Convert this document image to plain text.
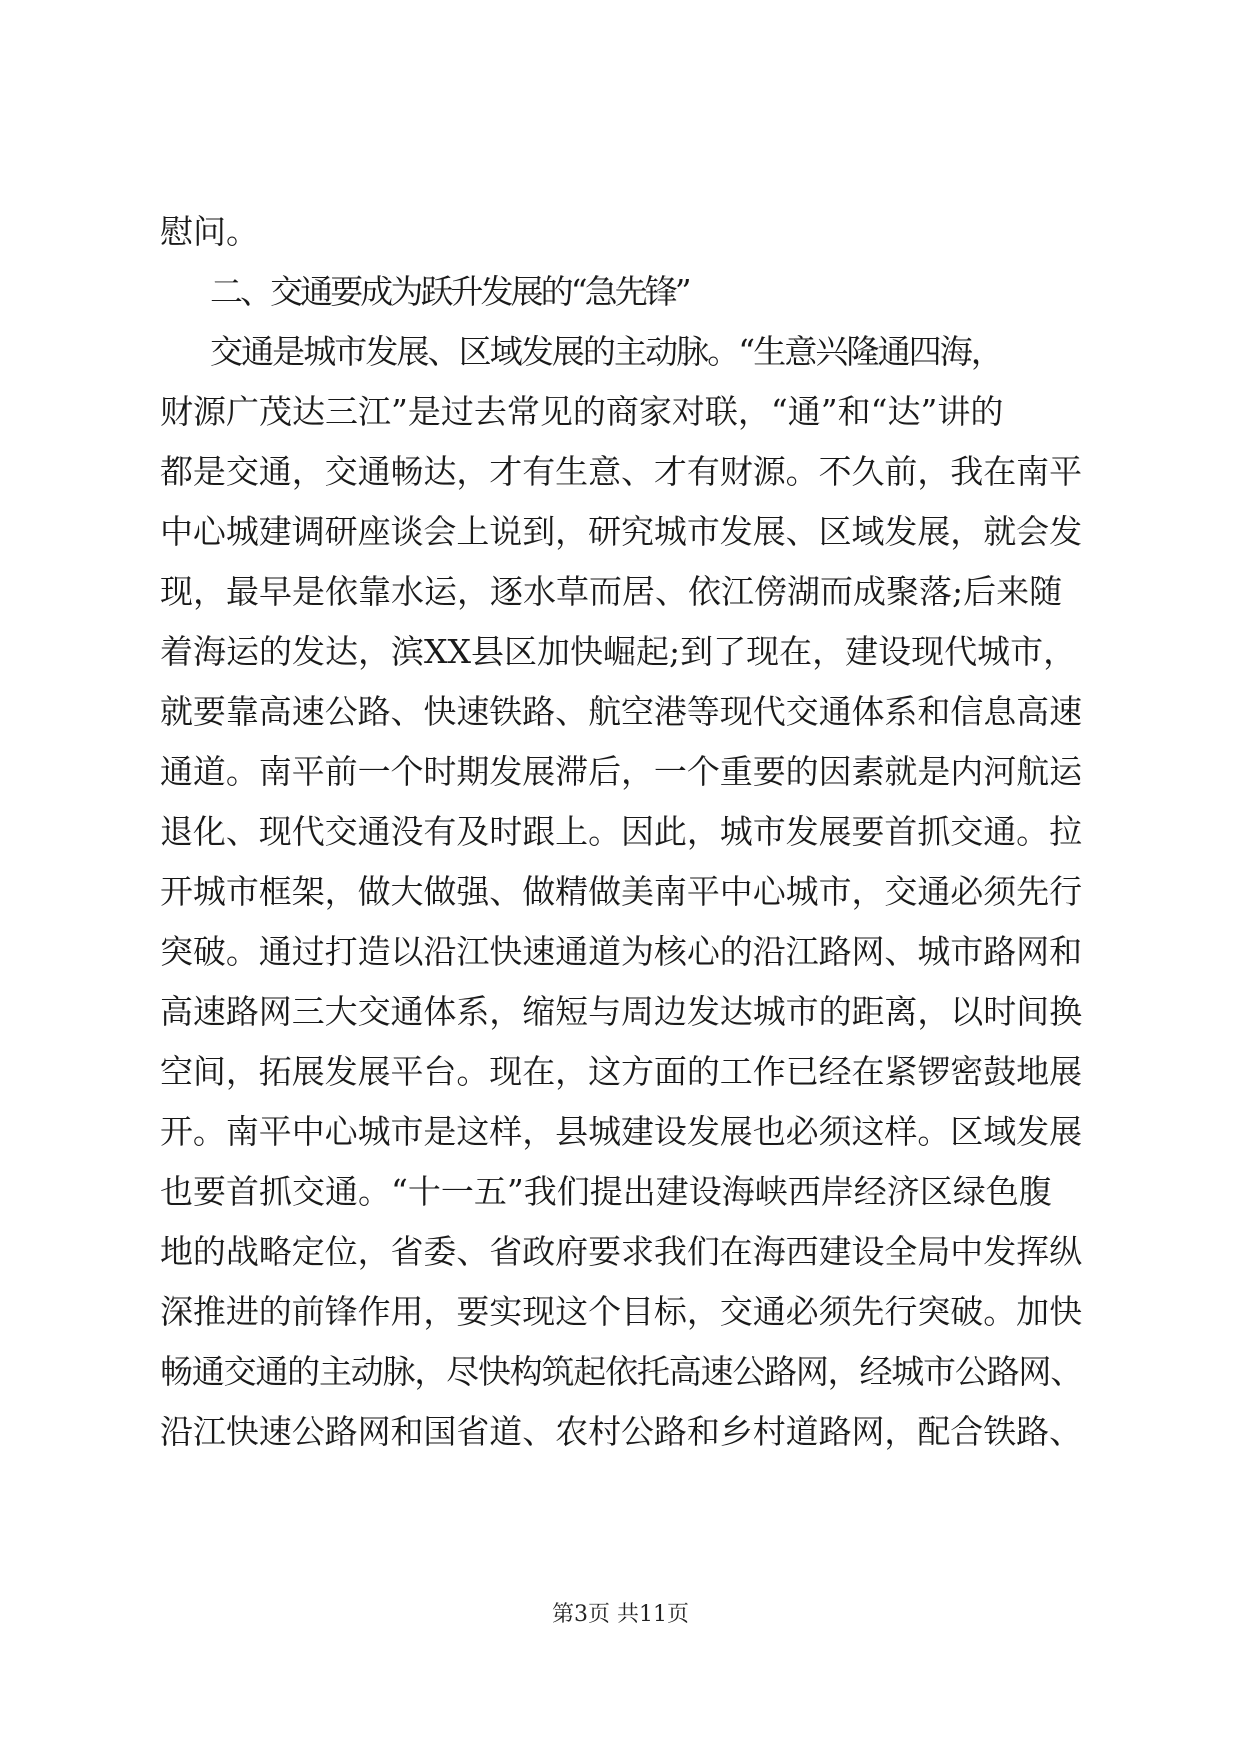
慰问。
二、交通要成为跃升发展的“急先锋”
交通是城市发展、区域发展的主动脉。“生意兴隆通四海，
财源广茂达三江”是过去常见的商家对联，“通”和“达”讲的
都是交通，交通畅达，才有生意、才有财源。不久前，我在南平
中心城建调研座谈会上说到，研究城市发展、区域发展，就会发
现，最早是依靠水运，逐水草而居、依江傍湖而成聚落;后来随
着海运的发达，滨XX县区加快崛起;到了现在，建设现代城市，
就要靠高速公路、快速铁路、航空港等现代交通体系和信息高速
通道。南平前一个时期发展滞后，一个重要的因素就是内河航运
退化、现代交通没有及时跟上。因此，城市发展要首抓交通。拉
开城市框架，做大做强、做精做美南平中心城市，交通必须先行
突破。通过打造以沿江快速通道为核心的沿江路网、城市路网和
高速路网三大交通体系，缩短与周边发达城市的距离，以时间换
空间，拓展发展平台。现在，这方面的工作已经在紧锣密鼓地展
开。南平中心城市是这样，县城建设发展也必须这样。区域发展
也要首抓交通。“十一五”我们提出建设海峡西岸经济区绿色腹
地的战略定位，省委、省政府要求我们在海西建设全局中发挥纵
深推进的前锋作用，要实现这个目标，交通必须先行突破。加快
畅通交通的主动脉，尽快构筑起依托高速公路网，经城市公路网、
沿江快速公路网和国省道、农村公路和乡村道路网，配合铁路、
第3页 共11页
